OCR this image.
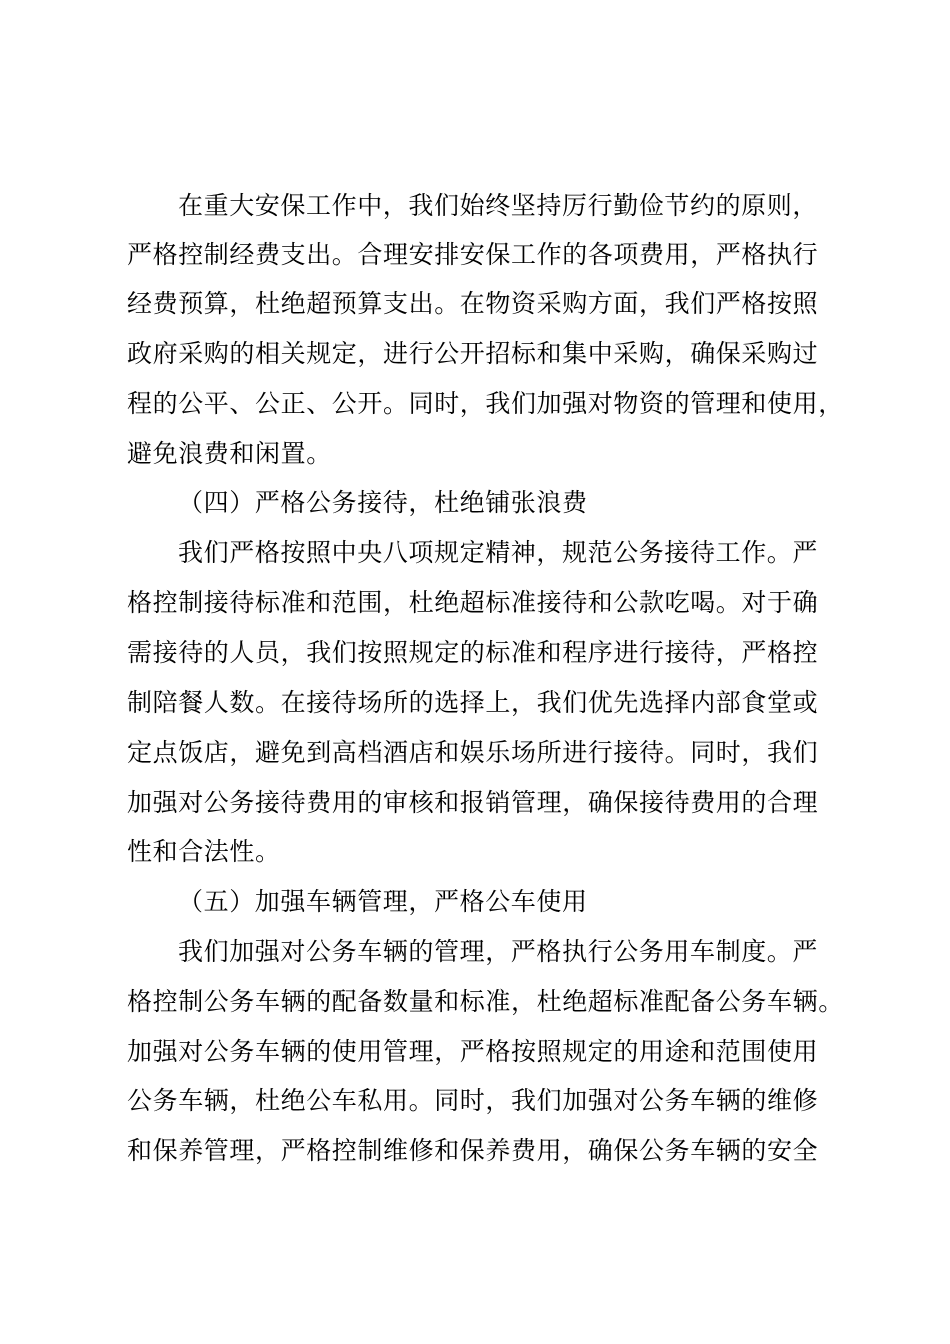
在重大安保工作中，我们始终坚持厉行勤俭节约的原则，
严格控制经费支出。合理安排安保工作的各项费用，严格执行
经费预算，杜绝超预算支出。在物资采购方面，我们严格按照
政府采购的相关规定，进行公开招标和集中采购，确保采购过
程的公平、公正、公开。同时，我们加强对物资的管理和使用，
避免浪费和闲置。
（四）严格公务接待，杜绝铺张浪费
我们严格按照中央八项规定精神，规范公务接待工作。严
格控制接待标准和范围，杜绝超标准接待和公款吃喝。对于确
需接待的人员，我们按照规定的标准和程序进行接待，严格控
制陪餐人数。在接待场所的选择上，我们优先选择内部食堂或
定点饭店，避免到高档酒店和娱乐场所进行接待。同时，我们
加强对公务接待费用的审核和报销管理，确保接待费用的合理
性和合法性。
（五）加强车辆管理，严格公车使用
我们加强对公务车辆的管理，严格执行公务用车制度。严
格控制公务车辆的配备数量和标准，杜绝超标准配备公务车辆。
加强对公务车辆的使用管理，严格按照规定的用途和范围使用
公务车辆，杜绝公车私用。同时，我们加强对公务车辆的维修
和保养管理，严格控制维修和保养费用，确保公务车辆的安全
